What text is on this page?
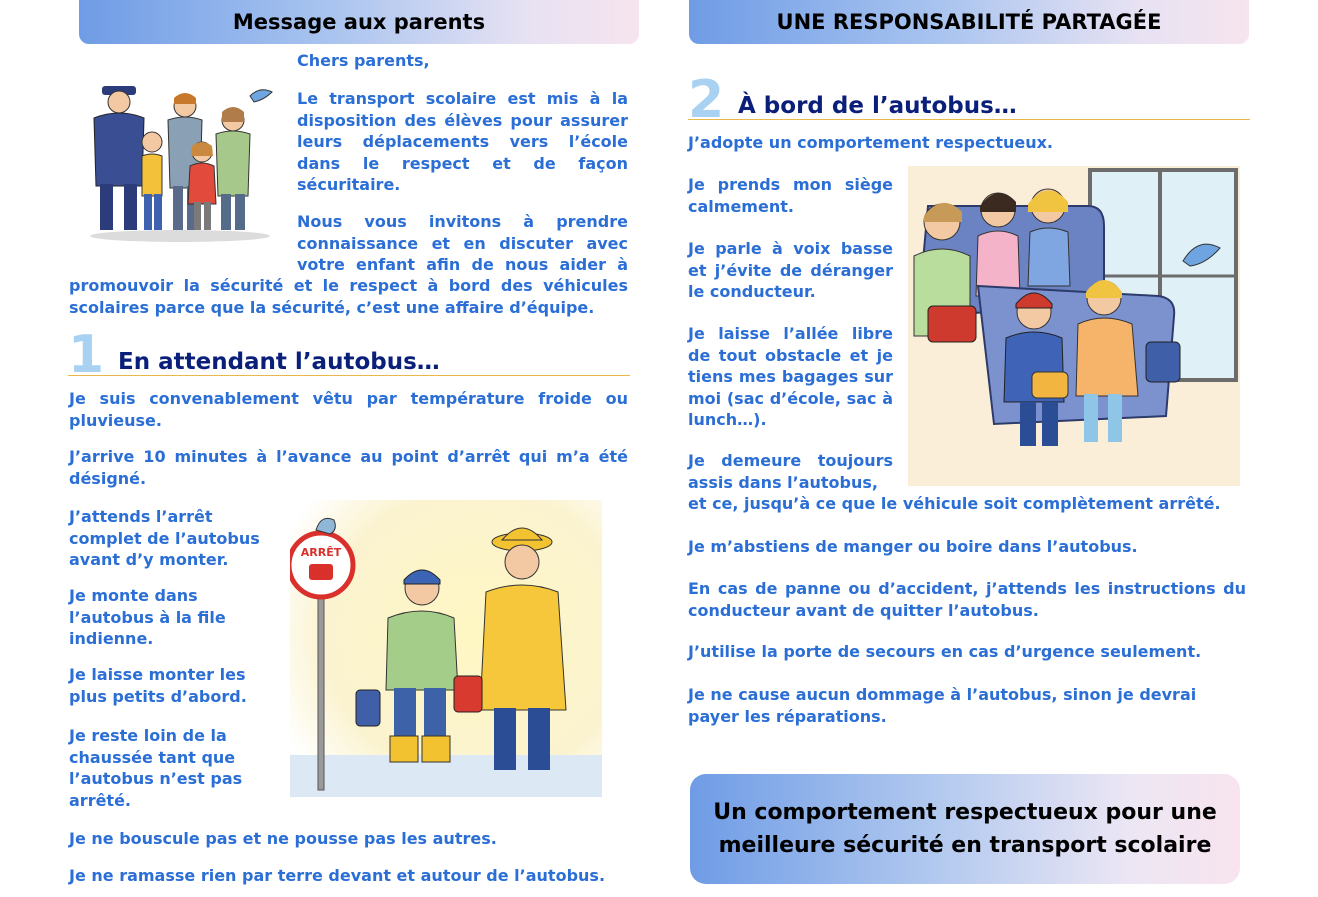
Message aux parents

Chers parents,

Le transport scolaire est mis à la disposition des élèves pour assurer leurs déplacements vers l’école dans le respect et de façon sécuritaire.

Nous vous invitons à prendre connaissance et en discuter avec votre enfant afin de nous aider à

promouvoir la sécurité et le respect à bord des véhicules scolaires parce que la sécurité, c’est une affaire d’équipe.

1 En attendant l’autobus…

Je suis convenablement vêtu par température froide ou pluvieuse.

J’arrive 10 minutes à l’avance au point d’arrêt qui m’a été désigné.

J’attends l’arrêt complet de l’autobus avant d’y monter.

Je monte dans l’autobus à la file indienne.

Je laisse monter les plus petits d’abord.

Je reste loin de la chaussée tant que l’autobus n’est pas arrêté.

Je ne bouscule pas et ne pousse pas les autres.

Je ne ramasse rien par terre devant et autour de l’autobus.

ARRÊT
UNE RESPONSABILITÉ PARTAGÉE
2 À bord de l’autobus…

J’adopte un comportement respectueux.

Je prends mon siège calmement.

Je parle à voix basse et j’évite de déranger le conducteur.

Je laisse l’allée libre de tout obstacle et je tiens mes bagages sur moi (sac d’école, sac à lunch…).

Je demeure toujours assis dans l’autobus,

et ce, jusqu’à ce que le véhicule soit complètement arrêté.

Je m’abstiens de manger ou boire dans l’autobus.

En cas de panne ou d’accident, j’attends les instructions du conducteur avant de quitter l’autobus.

J’utilise la porte de secours en cas d’urgence seulement.

Je ne cause aucun dommage à l’autobus, sinon je devrai payer les réparations.

Un comportement respectueux pour une
meilleure sécurité en transport scolaire
